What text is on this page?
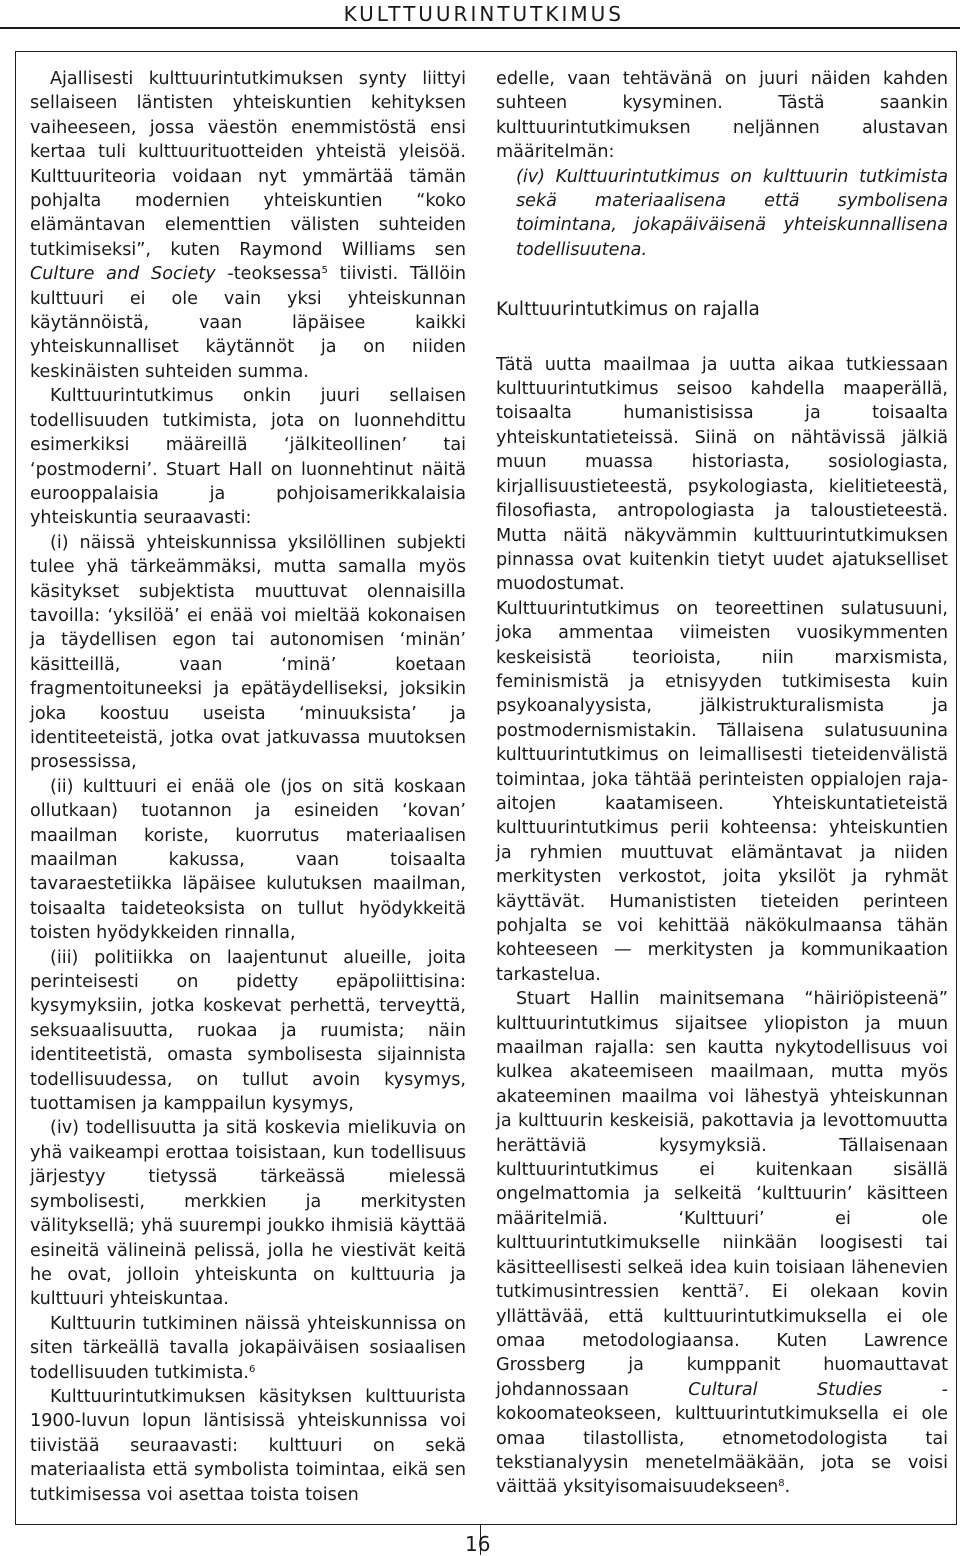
KULTTUURINTUTKIMUS

Ajallisesti kulttuurintutkimuksen synty liittyi sellaiseen läntisten yhteiskuntien kehityksen vaiheeseen, jossa väestön enemmistöstä ensi kertaa tuli kulttuurituotteiden yhteistä yleisöä. Kulttuuriteoria voidaan nyt ymmärtää tämän pohjalta modernien yhteiskuntien “koko elämäntavan elementtien välisten suhteiden tutkimiseksi”, kuten Raymond Williams sen Culture and Society -teoksessa$^5$ tiivisti. Tällöin kulttuuri ei ole vain yksi yhteiskunnan käytännöistä, vaan läpäisee kaikki yhteiskunnalliset käytännöt ja on niiden keskinäisten suhteiden summa.

Kulttuurintutkimus onkin juuri sellaisen todellisuuden tutkimista, jota on luonnehdittu esimerkiksi määreillä ‘jälkiteollinen’ tai ‘postmoderni’. Stuart Hall on luonnehtinut näitä eurooppalaisia ja pohjoisamerikkalaisia yhteiskuntia seuraavasti:

(i) näissä yhteiskunnissa yksilöllinen subjekti tulee yhä tärkeämmäksi, mutta samalla myös käsitykset subjektista muuttuvat olennaisilla tavoilla: ‘yksilöä’ ei enää voi mieltää kokonaisen ja täydellisen egon tai autonomisen ‘minän’ käsitteillä, vaan ‘minä’ koetaan fragmentoituneeksi ja epätäydelliseksi, joksikin joka koostuu useista ‘minuuksista’ ja identiteeteistä, jotka ovat jatkuvassa muutoksen prosessissa,

(ii) kulttuuri ei enää ole (jos on sitä koskaan ollutkaan) tuotannon ja esineiden ‘kovan’ maailman koriste, kuorrutus materiaalisen maailman kakussa, vaan toisaalta tavaraestetiikka läpäisee kulutuksen maailman, toisaalta taideteoksista on tullut hyödykkeitä toisten hyödykkeiden rinnalla,

(iii) politiikka on laajentunut alueille, joita perinteisesti on pidetty epäpoliittisina: kysymyksiin, jotka koskevat perhettä, terveyttä, seksuaalisuutta, ruokaa ja ruumista; näin identiteetistä, omasta symbolisesta sijainnista todellisuudessa, on tullut avoin kysymys, tuottamisen ja kamppailun kysymys,

(iv) todellisuutta ja sitä koskevia mielikuvia on yhä vaikeampi erottaa toisistaan, kun todellisuus järjestyy tietyssä tärkeässä mielessä symbolisesti, merkkien ja merkitysten välityksellä; yhä suurempi joukko ihmisiä käyttää esineitä välineinä pelissä, jolla he viestivät keitä he ovat, jolloin yhteiskunta on kulttuuria ja kulttuuri yhteiskuntaa.

Kulttuurin tutkiminen näissä yhteiskunnissa on siten tärkeällä tavalla jokapäiväisen sosiaalisen todellisuuden tutkimista.$^6$

Kulttuurintutkimuksen käsityksen kulttuurista 1900-luvun lopun läntisissä yhteiskunnissa voi tiivistää seuraavasti: kulttuuri on sekä materiaalista että symbolista toimintaa, eikä sen tutkimisessa voi asettaa toista toisen

edelle, vaan tehtävänä on juuri näiden kahden suhteen kysyminen. Tästä saankin kulttuurintutkimuksen neljännen alustavan määritelmän:

(iv) Kulttuurintutkimus on kulttuurin tutkimista sekä materiaalisena että symbolisena toimintana, jokapäiväisenä yhteiskunnallisena todellisuutena.

Kulttuurintutkimus on rajalla

Tätä uutta maailmaa ja uutta aikaa tutkiessaan kulttuurintutkimus seisoo kahdella maaperällä, toisaalta humanistisissa ja toisaalta yhteiskuntatieteissä. Siinä on nähtävissä jälkiä muun muassa historiasta, sosiologiasta, kirjallisuustieteestä, psykologiasta, kielitieteestä, filosofiasta, antropologiasta ja taloustieteestä. Mutta näitä näkyvämmin kulttuurintutkimuksen pinnassa ovat kuitenkin tietyt uudet ajatukselliset muodostumat.

Kulttuurintutkimus on teoreettinen sulatusuuni, joka ammentaa viimeisten vuosikymmenten keskeisistä teorioista, niin marxismista, feminismistä ja etnisyyden tutkimisesta kuin psykoanalyysista, jälkistrukturalismista ja postmodernismistakin. Tällaisena sulatusuunina kulttuurintutkimus on leimallisesti tieteidenvälistä toimintaa, joka tähtää perinteisten oppialojen raja-aitojen kaatamiseen. Yhteiskuntatieteistä kulttuurintutkimus perii kohteensa: yhteiskuntien ja ryhmien muuttuvat elämäntavat ja niiden merkitysten verkostot, joita yksilöt ja ryhmät käyttävät. Humanististen tieteiden perinteen pohjalta se voi kehittää näkökulmaansa tähän kohteeseen — merkitysten ja kommunikaation tarkastelua.

Stuart Hallin mainitsemana “häiriöpisteenä” kulttuurintutkimus sijaitsee yliopiston ja muun maailman rajalla: sen kautta nykytodellisuus voi kulkea akateemiseen maailmaan, mutta myös akateeminen maailma voi lähestyä yhteiskunnan ja kulttuurin keskeisiä, pakottavia ja levottomuutta herättäviä kysymyksiä. Tällaisenaan kulttuurintutkimus ei kuitenkaan sisällä ongelmattomia ja selkeitä ‘kulttuurin’ käsitteen määritelmiä. ‘Kulttuuri’ ei ole kulttuurintutkimukselle niinkään loogisesti tai käsitteellisesti selkeä idea kuin toisiaan lähenevien tutkimusintressien kenttä$^7$. Ei olekaan kovin yllättävää, että kulttuurintutkimuksella ei ole omaa metodologiaansa. Kuten Lawrence Grossberg ja kumppanit huomauttavat johdannossaan Cultural Studies -kokoomateokseen, kulttuurintutkimuksella ei ole omaa tilastollista, etnometodologista tai tekstianalyysin menetelmääkään, jota se voisi väittää yksityisomaisuudekseen$^8$.

16
